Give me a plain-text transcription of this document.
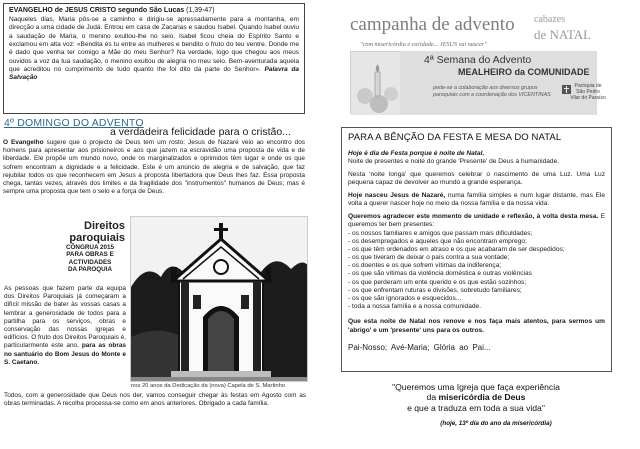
EVANGELHO de JESUS CRISTO segundo São Lucas (1,39-47)
Naqueles dias, Maria pôs-se a caminho e dirigiu-se apressadamente para a montanha, em direcção a uma cidade de Judá. Entrou em casa de Zacarias e saudou Isabel. Quando Isabel ouviu a saudação de Maria, o menino exultou-lhe no seio. Isabel ficou cheia do Espírito Santo e exclamou em alta voz: «Bendita és tu entre as mulheres e bendito o fruto do teu ventre. Donde me é dado que venha ter comigo a Mãe do meu Senhor? Na verdade, logo que chegou aos meus ouvidos a voz da tua saudação, o menino exultou de alegria no meu seio. Bem-aventurada aquela que acreditou no cumprimento de tudo quanto lhe foi dito da parte do Senhor». Palavra da Salvação
4º DOMINGO DO ADVENTO
a verdadeira felicidade para o cristão...
O Evangelho sugere que o projecto de Deus tem um rosto: Jesus de Nazaré veio ao encontro dos homens para apresentar aos prisioneiros e aos que jazem na escravidão uma proposta de vida e de liberdade. Ele propõe um mundo novo, onde os marginalizados e oprimidos têm lugar e onde os que sofrem encontram a dignidade e a felicidade. Este é um anúncio de alegria e de salvação, que faz rejubilar todos os que reconhecem em Jesus a proposta libertadora que Deus lhes faz. Essa proposta chega, tantas vezes, através dos limites e da fragilidade dos "instrumentos" humanos de Deus; mas é sempre uma proposta que tem o selo e a força de Deus.
Direitos
paroquiais
CÔNGRUA 2015
PARA OBRAS E
ACTIVIDADES
DA PAROQUIA
As pessoas que fazem parte da equipa dos Direitos Paroquiais já começaram a difícil missão de bater às vossas casas a lembrar a generosidade de todos para a partilha para os serviços, obras e conservação das nossas igrejas e edifícios. O fruto dos Direitos Paroquiais é, particularmente este ano, para as obras no santuário do Bom Jesus do Monte e S. Caetano.
Todos, com a generosidade que Deus nos der, vamos conseguir chegar às festas em Agosto com as obras terminadas. A recolha processa-se como em anos anteriores. Obrigado a cada família.
nos 20 anos da Dedicação da (nova) Capela de S. Martinho
campanha de advento cabazes
de NATAL
"com misericórdia e caridade... JESUS vai nascer"
4ª Semana do Advento
MEALHEIRO da COMUNIDADE
pede-se a colaboração aos diversos grupos
paroquiais com a coordenação dos VICENTINAS
Paróquia de
São Pedro
Vilar do Paraíso
PARA A BÊNÇÃO DA FESTA E MESA DO NATAL

Hoje é dia de Festa porque é noite de Natal.
Noite de presentes e noite do grande 'Presente' de Deus à humanidade.

Nesta 'noite longa' que queremos celebrar o nascimento de uma Luz. Uma Luz pequena capaz de devolver ao mundo a grande esperança.

Hoje nasceu Jesus de Nazaré, numa família simples e num lugar distante, mas Ele volta a querer nascer hoje no meio da nossa família e da nossa vida.

Queremos agradecer este momento de unidade e reflexão, à volta desta mesa. E queremos ter bem presentes:

- os nossos familiares e amigos que passam mais dificuldades;
- os desempregados e aqueles que não encontram emprego;
- os que têm ordenados em atraso e os que acabaram de ser despedidos;
- os que tiveram de deixar o país contra a sua vontade;
- os doentes e os que sofrem vítimas da indiferença;
- os que são vítimas da violência doméstica e outras violências
- os que perderam um ente querido e os que estão sozinhos;
- os que enfrentam ruturas e divisões, sobretudo familiares;
- os que são ignorados e esquecidos...
- toda a nossa família e a nossa comunidade.

Que esta noite de Natal nos renove e nos faça mais atentos, para sermos um 'abrigo' e um 'presente' uns para os outros.

Pai-Nosso; Avé-Maria; Glória ao Pai...
"Queremos uma Igreja que faça experiência
da misericórdia de Deus
e que a traduza em toda a sua vida"
(hoje, 13º dia do ano da misericórdia)
